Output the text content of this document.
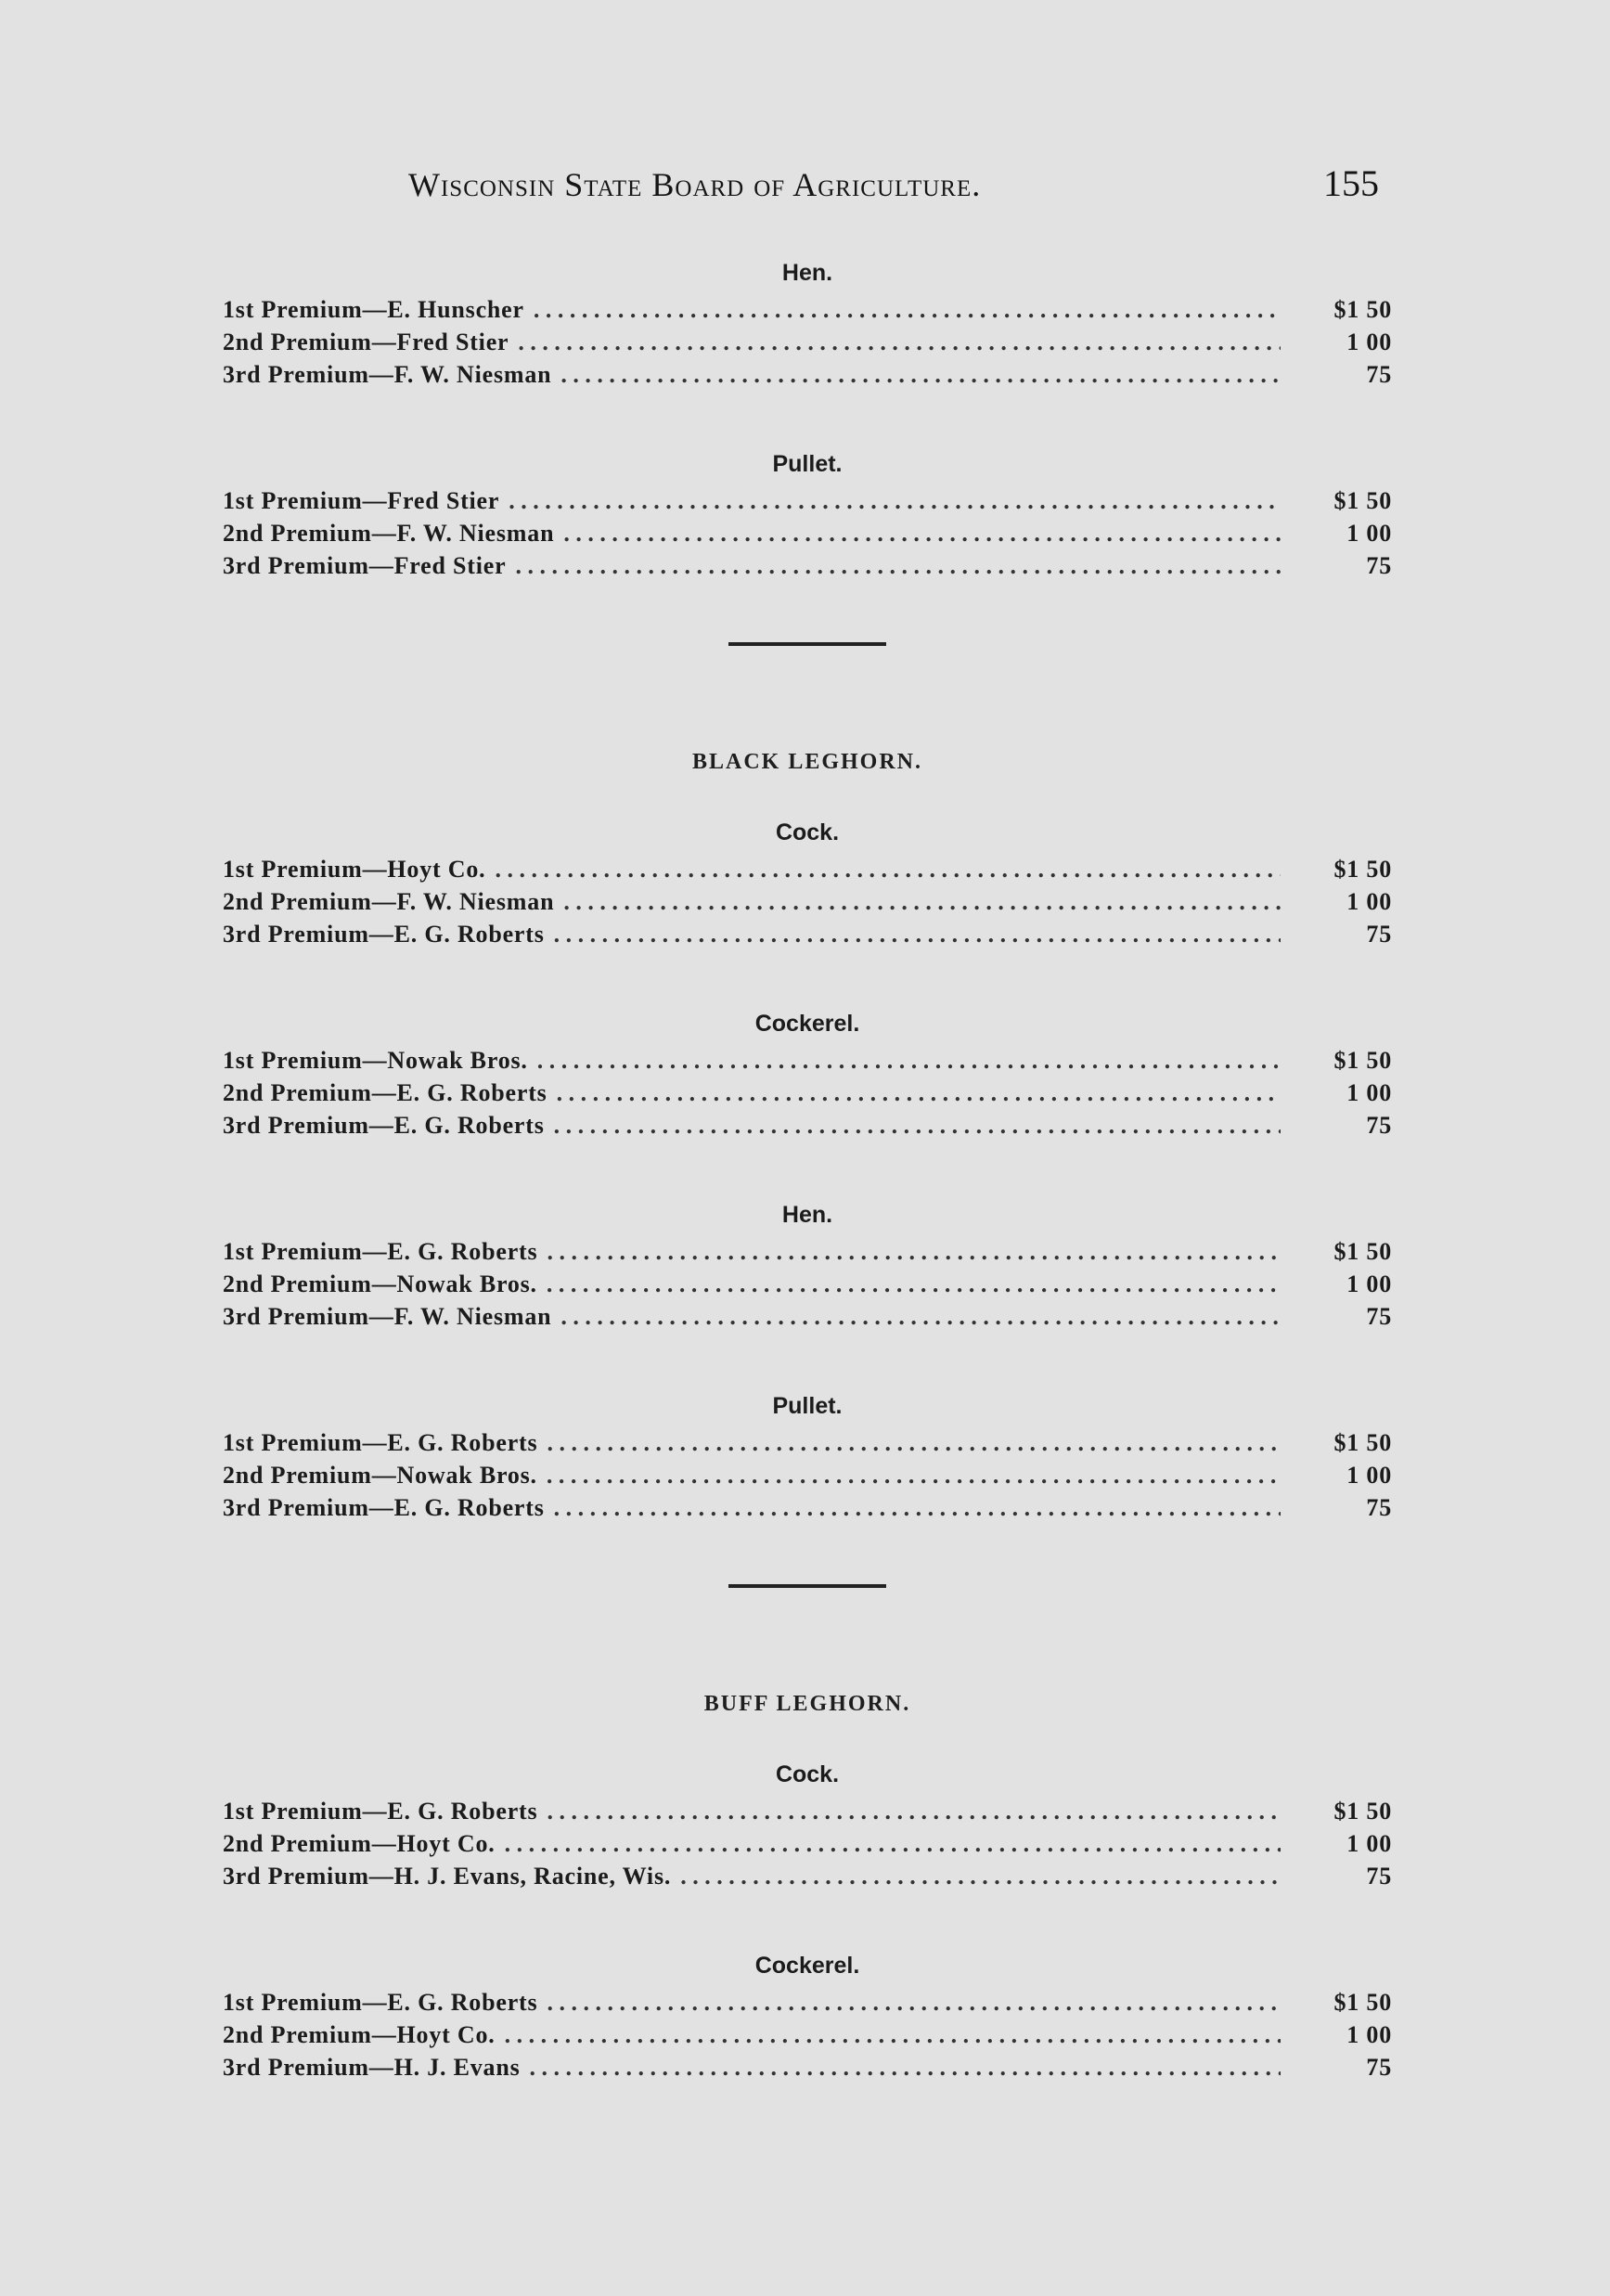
Wisconsin State Board of Agriculture.	155
Hen.
1st Premium—E. Hunscher . . .	$1 50
2nd Premium—Fred Stier . . .	1 00
3rd Premium—F. W. Niesman . . .	75
Pullet.
1st Premium—Fred Stier . . .	$1 50
2nd Premium—F. W. Niesman . . .	1 00
3rd Premium—Fred Stier . . .	75
BLACK LEGHORN.
Cock.
1st Premium—Hoyt Co. . . .	$1 50
2nd Premium—F. W. Niesman . . .	1 00
3rd Premium—E. G. Roberts . . .	75
Cockerel.
1st Premium—Nowak Bros. . . .	$1 50
2nd Premium—E. G. Roberts . . .	1 00
3rd Premium—E. G. Roberts . . .	75
Hen.
1st Premium—E. G. Roberts . . .	$1 50
2nd Premium—Nowak Bros. . . .	1 00
3rd Premium—F. W. Niesman . . .	75
Pullet.
1st Premium—E. G. Roberts . . .	$1 50
2nd Premium—Nowak Bros. . . .	1 00
3rd Premium—E. G. Roberts . . .	75
BUFF LEGHORN.
Cock.
1st Premium—E. G. Roberts . . .	$1 50
2nd Premium—Hoyt Co. . . .	1 00
3rd Premium—H. J. Evans, Racine, Wis. . . .	75
Cockerel.
1st Premium—E. G. Roberts . . .	$1 50
2nd Premium—Hoyt Co. . . .	1 00
3rd Premium—H. J. Evans . . .	75
